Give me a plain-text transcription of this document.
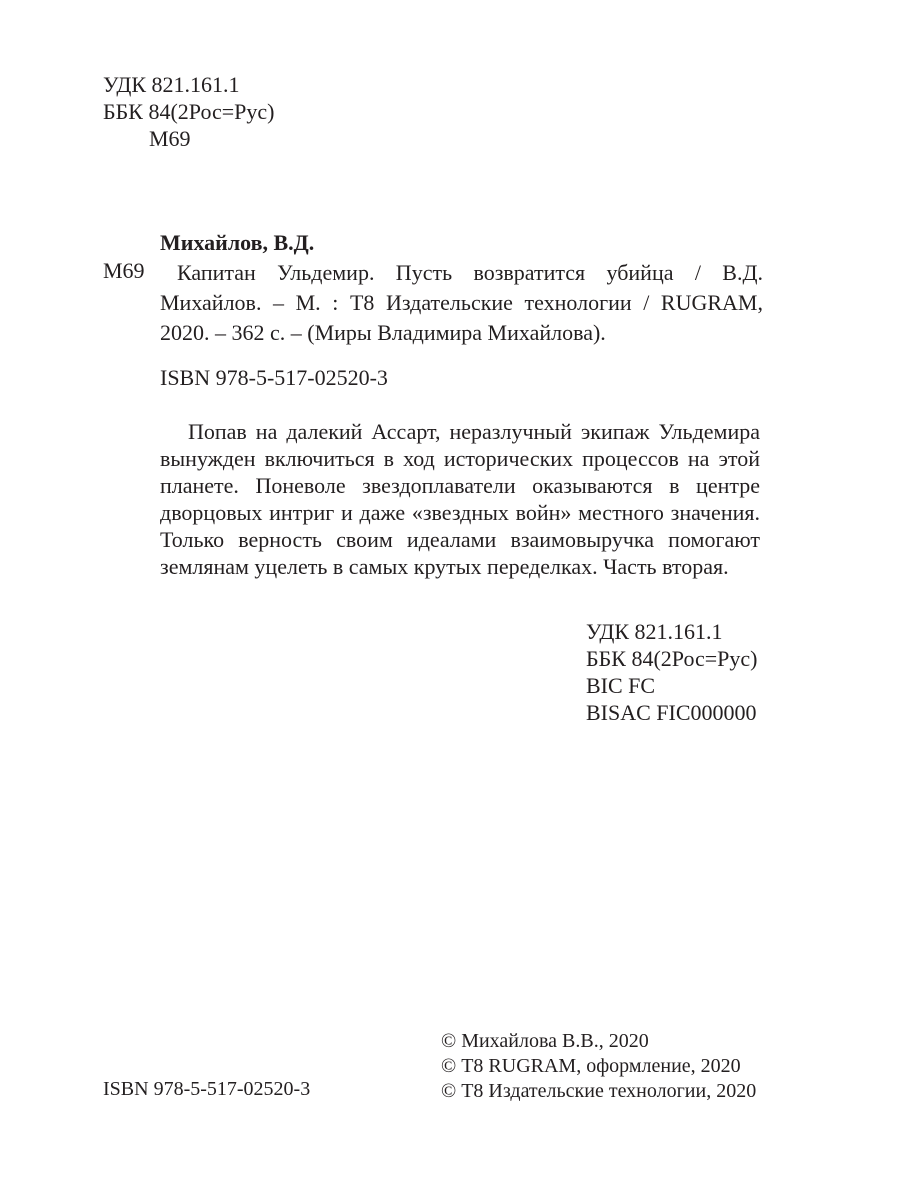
УДК 821.161.1
ББК 84(2Рос=Рус)
М69
Михайлов, В.Д.
М69	Капитан Ульдемир. Пусть возвратится убийца / В.Д. Михайлов. – М. : Т8 Издательские технологии / RUGRAM, 2020. – 362 с. – (Миры Владимира Михайлова).

ISBN 978-5-517-02520-3

Попав на далекий Ассарт, неразлучный экипаж Ульдемира вынужден включиться в ход исторических процессов на этой планете. Поневоле звездоплаватели оказываются в центре дворцовых интриг и даже «звездных войн» местного значения. Только верность своим идеалами взаимовыручка помогают землянам уцелеть в самых крутых переделках. Часть вторая.

УДК 821.161.1
ББК 84(2Рос=Рус)
BIC FC
BISAC FIC000000
ISBN 978-5-517-02520-3
© Михайлова В.В., 2020
© Т8 RUGRAM, оформление, 2020
© Т8 Издательские технологии, 2020
